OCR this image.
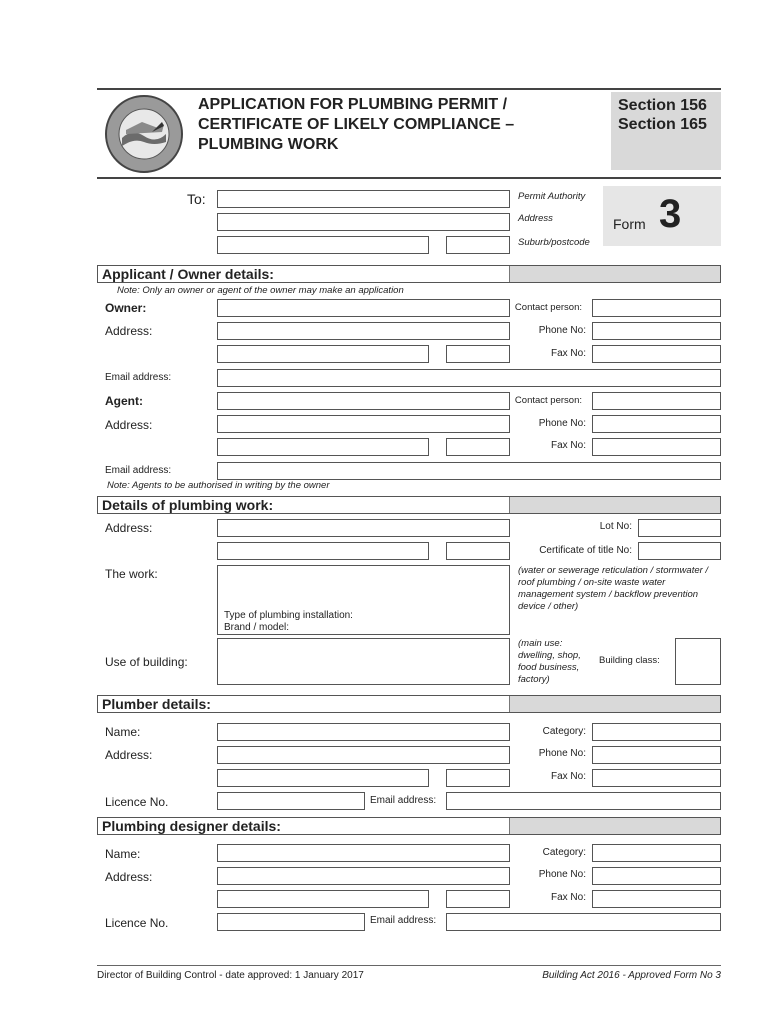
APPLICATION FOR PLUMBING PERMIT /
CERTIFICATE OF LIKELY COMPLIANCE –
PLUMBING WORK
Section 156
Section 165
To:	Permit Authority
Address
Suburb/postcode
Form 3
Applicant / Owner details:
Note: Only an owner or agent of the owner may make an application
Owner:	Contact person:
Address:	Phone No:
Fax No:
Email address:
Agent:	Contact person:
Address:	Phone No:
Fax No:
Email address:
Note: Agents to be authorised in writing by the owner
Details of plumbing work:
Address:	Lot No:
Certificate of title No:
The work:
Type of plumbing installation:
Brand / model:
(water or sewerage reticulation / stormwater / roof plumbing / on-site waste water management system / backflow prevention device / other)
Use of building:
(main use: dwelling, shop, food business, factory)
Building class:
Plumber details:
Name:	Category:
Address:	Phone No:
Fax No:
Licence No.	Email address:
Plumbing designer details:
Name:	Category:
Address:	Phone No:
Fax No:
Licence No.	Email address:
Director of Building Control - date approved: 1 January 2017	Building Act 2016 - Approved Form No 3
